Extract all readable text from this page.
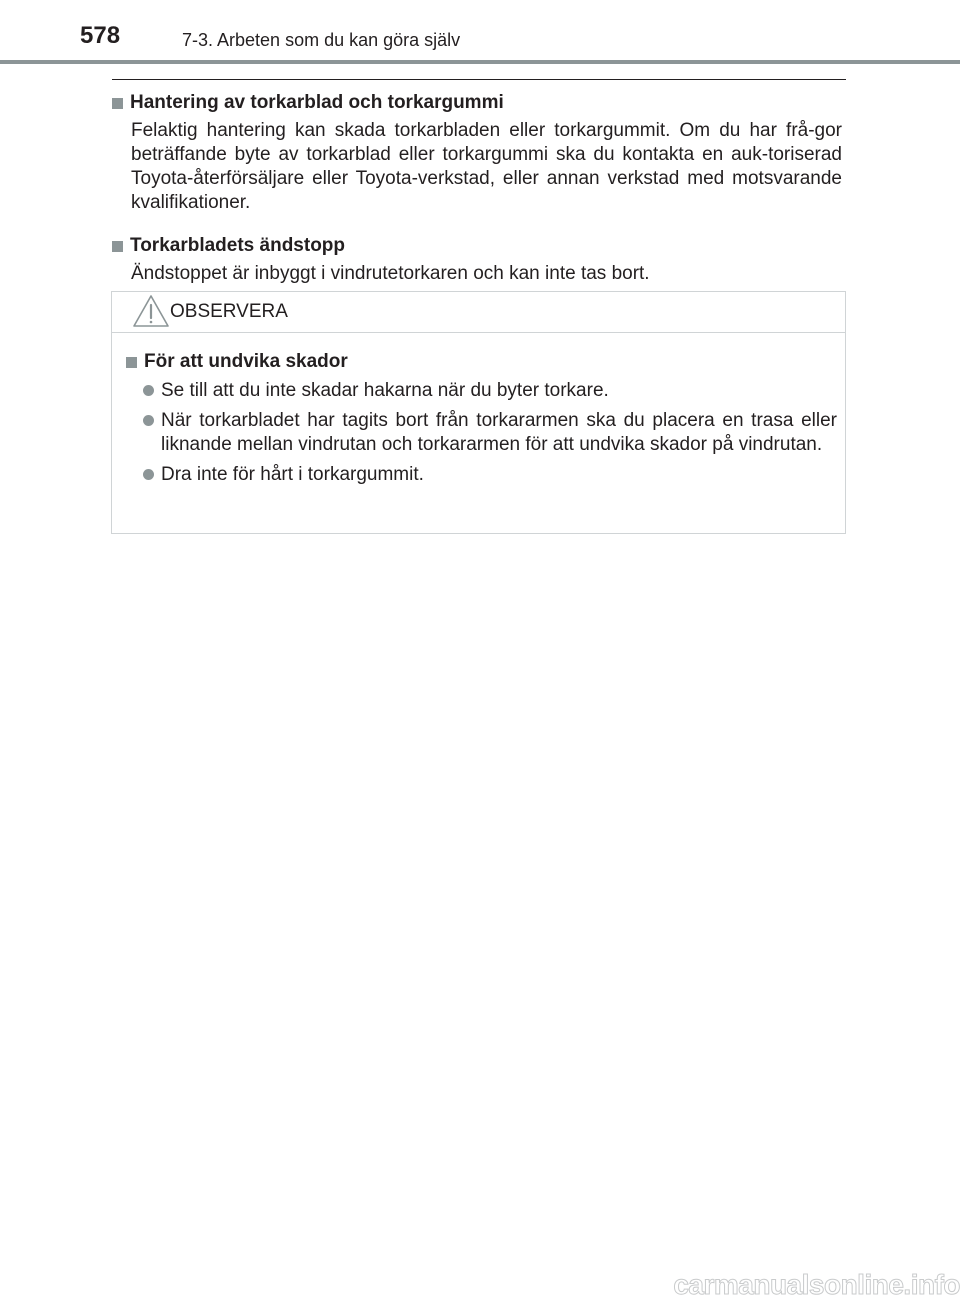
578	7-3. Arbeten som du kan göra själv
Hantering av torkarblad och torkargummi

Felaktig hantering kan skada torkarbladen eller torkargummit. Om du har frå-gor beträffande byte av torkarblad eller torkargummi ska du kontakta en auk-toriserad Toyota-återförsäljare eller Toyota-verkstad, eller annan verkstad med motsvarande kvalifikationer.

Torkarbladets ändstopp

Ändstoppet är inbyggt i vindrutetorkaren och kan inte tas bort.

OBSERVERA
För att undvika skador
Se till att du inte skadar hakarna när du byter torkare.
När torkarbladet har tagits bort från torkararmen ska du placera en trasa eller liknande mellan vindrutan och torkararmen för att undvika skador på vindrutan.
Dra inte för hårt i torkargummit.
carmanualsonline.info
